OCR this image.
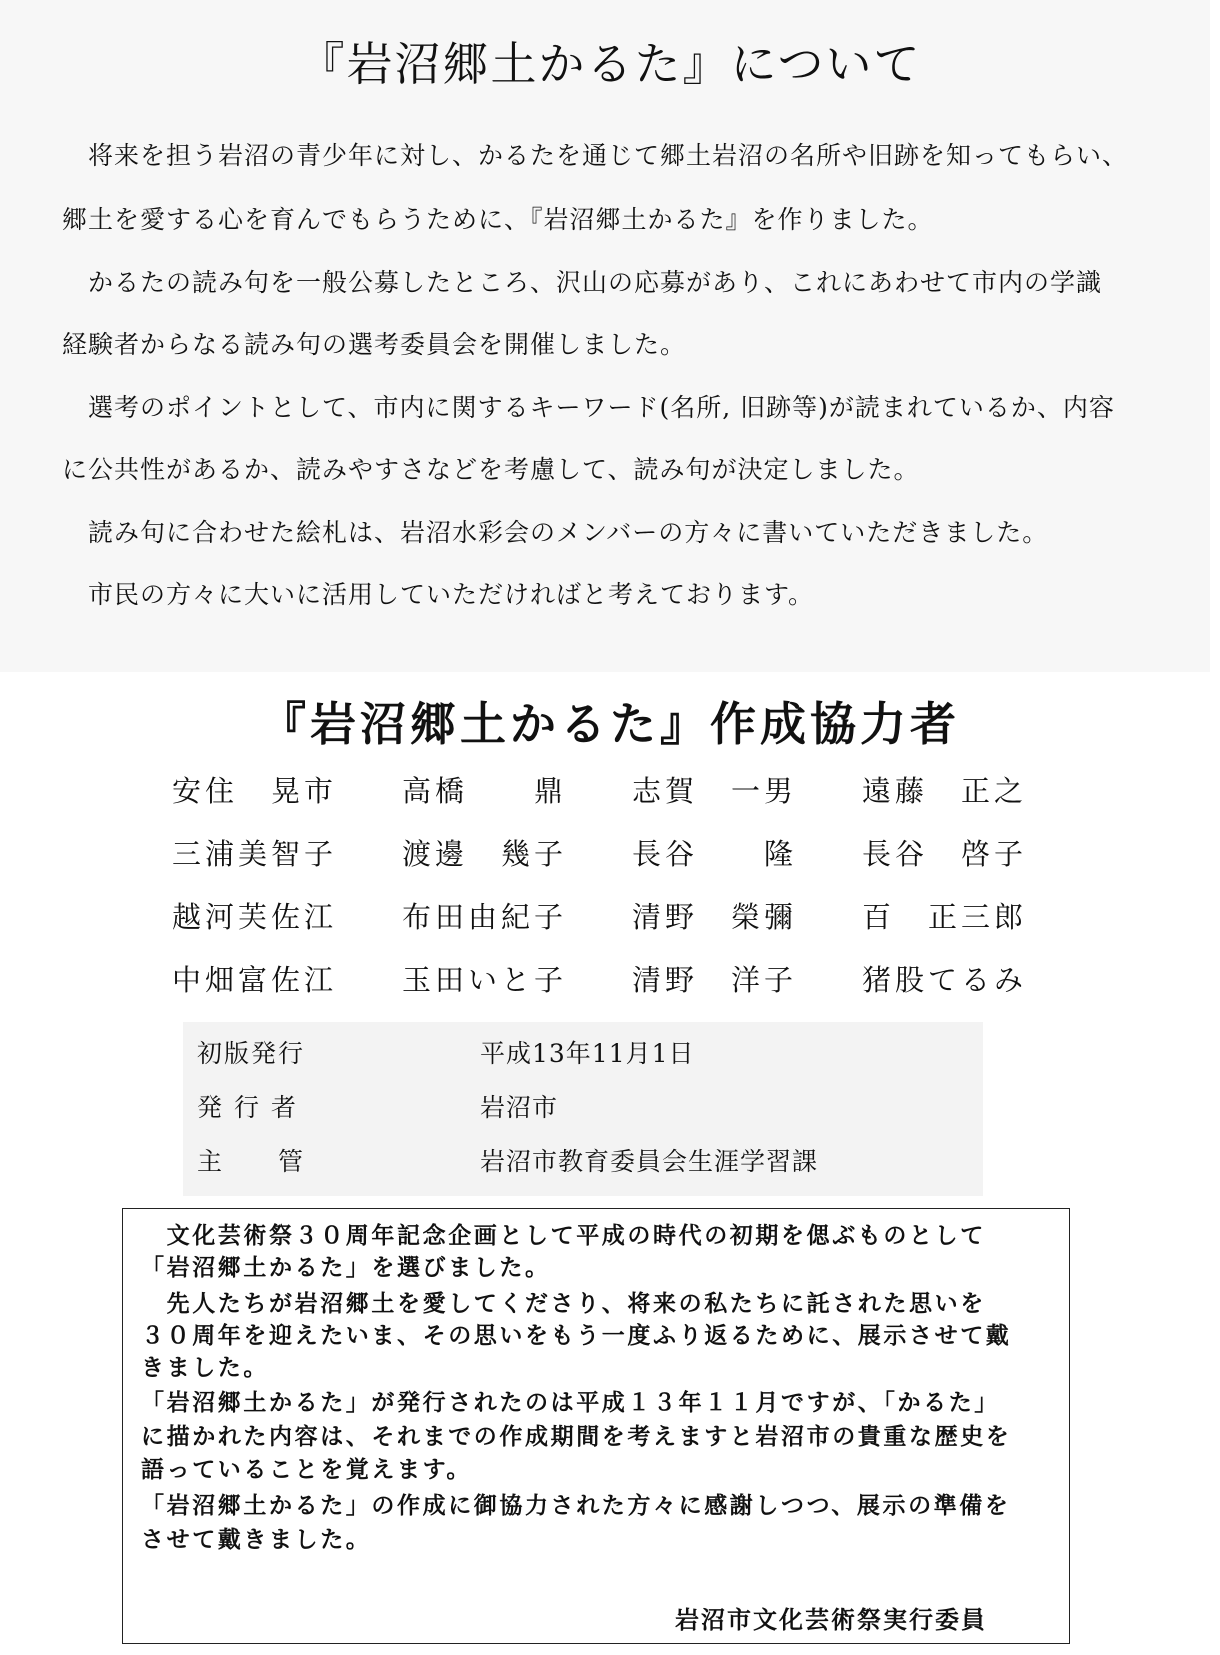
『岩沼郷土かるた』について

　将来を担う岩沼の青少年に対し、かるたを通じて郷土岩沼の名所や旧跡を知ってもらい、

郷土を愛する心を育んでもらうために、『岩沼郷土かるた』を作りました。

　かるたの読み句を一般公募したところ、沢山の応募があり、これにあわせて市内の学識

経験者からなる読み句の選考委員会を開催しました。

　選考のポイントとして、市内に関するキーワード(名所, 旧跡等)が読まれているか、内容

に公共性があるか、読みやすさなどを考慮して、読み句が決定しました。

　読み句に合わせた絵札は、岩沼水彩会のメンバーの方々に書いていただきました。

　市民の方々に大いに活用していただければと考えております。

『岩沼郷土かるた』作成協力者
安住　晃市	高橋　　鼎	志賀　一男	遠藤　正之
三浦美智子	渡邊　幾子	長谷　　隆	長谷　啓子
越河芙佐江	布田由紀子	清野　榮彌	百　正三郎
中畑富佐江	玉田いと子	清野　洋子	猪股てるみ
初版発行	平成13年11月1日
発 行 者	岩沼市
主　　管	岩沼市教育委員会生涯学習課
　文化芸術祭３０周年記念企画として平成の時代の初期を偲ぶものとして
「岩沼郷土かるた」を選びました。
　先人たちが岩沼郷土を愛してくださり、将来の私たちに託された思いを
３０周年を迎えたいま、その思いをもう一度ふり返るために、展示させて戴
きました。
「岩沼郷土かるた」が発行されたのは平成１３年１１月ですが、「かるた」
に描かれた内容は、それまでの作成期間を考えますと岩沼市の貴重な歴史を
語っていることを覚えます。
「岩沼郷土かるた」の作成に御協力された方々に感謝しつつ、展示の準備を
させて戴きました。
岩沼市文化芸術祭実行委員
